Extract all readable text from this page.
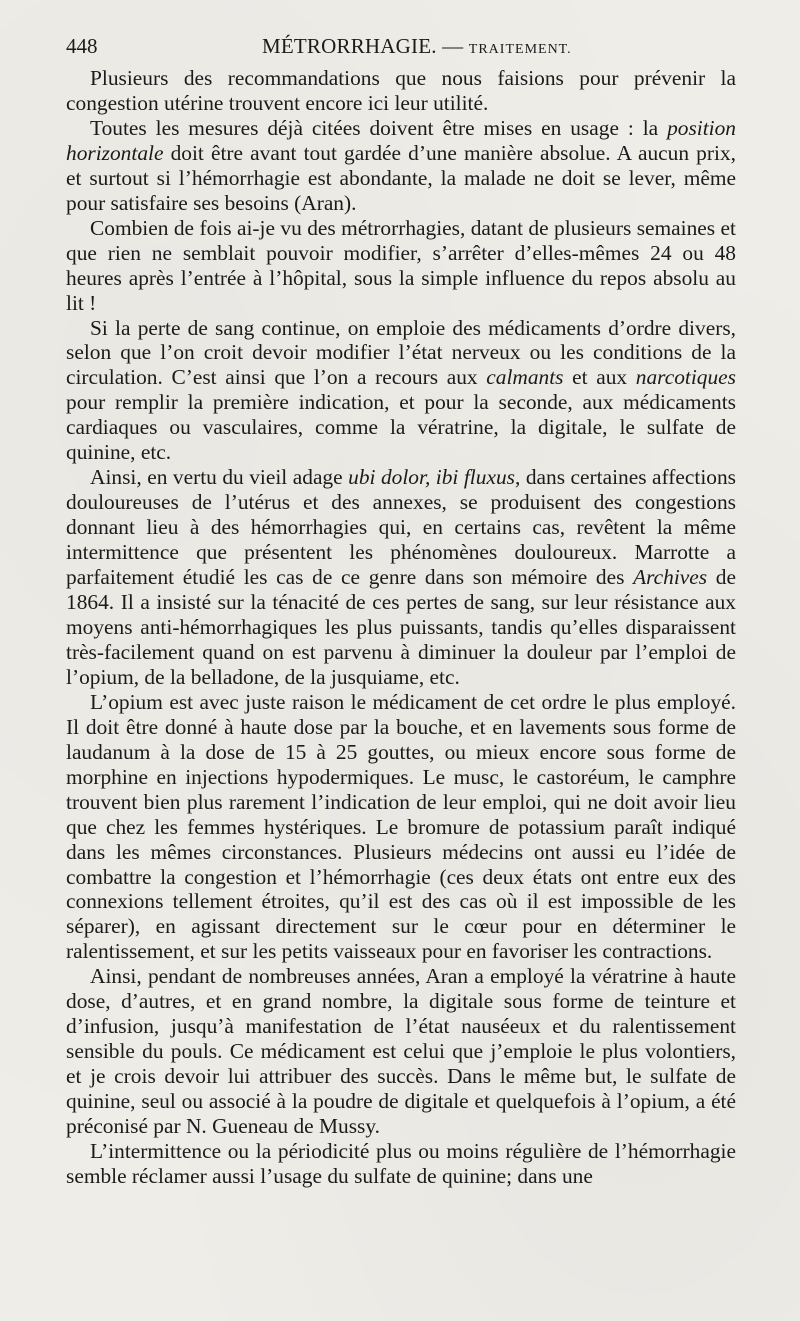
448	MÉTRORRHAGIE. — TRAITEMENT.

Plusieurs des recommandations que nous faisions pour prévenir la congestion utérine trouvent encore ici leur utilité.

Toutes les mesures déjà citées doivent être mises en usage : la position horizontale doit être avant tout gardée d’une manière absolue. A aucun prix, et surtout si l’hémorrhagie est abondante, la malade ne doit se lever, même pour satisfaire ses besoins (Aran).

Combien de fois ai-je vu des métrorrhagies, datant de plusieurs semaines et que rien ne semblait pouvoir modifier, s’arrêter d’elles-mêmes 24 ou 48 heures après l’entrée à l’hôpital, sous la simple influence du repos absolu au lit !

Si la perte de sang continue, on emploie des médicaments d’ordre divers, selon que l’on croit devoir modifier l’état nerveux ou les conditions de la circulation. C’est ainsi que l’on a recours aux calmants et aux narcotiques pour remplir la première indication, et pour la seconde, aux médicaments cardiaques ou vasculaires, comme la vératrine, la digitale, le sulfate de quinine, etc.

Ainsi, en vertu du vieil adage ubi dolor, ibi fluxus, dans certaines affections douloureuses de l’utérus et des annexes, se produisent des congestions donnant lieu à des hémorrhagies qui, en certains cas, revêtent la même intermittence que présentent les phénomènes douloureux. Marrotte a parfaitement étudié les cas de ce genre dans son mémoire des Archives de 1864. Il a insisté sur la ténacité de ces pertes de sang, sur leur résistance aux moyens anti-hémorrhagiques les plus puissants, tandis qu’elles disparaissent très-facilement quand on est parvenu à diminuer la douleur par l’emploi de l’opium, de la belladone, de la jusquiame, etc.

L’opium est avec juste raison le médicament de cet ordre le plus employé. Il doit être donné à haute dose par la bouche, et en lavements sous forme de laudanum à la dose de 15 à 25 gouttes, ou mieux encore sous forme de morphine en injections hypodermiques. Le musc, le castoréum, le camphre trouvent bien plus rarement l’indication de leur emploi, qui ne doit avoir lieu que chez les femmes hystériques. Le bromure de potassium paraît indiqué dans les mêmes circonstances. Plusieurs médecins ont aussi eu l’idée de combattre la congestion et l’hémorrhagie (ces deux états ont entre eux des connexions tellement étroites, qu’il est des cas où il est impossible de les séparer), en agissant directement sur le cœur pour en déterminer le ralentissement, et sur les petits vaisseaux pour en favoriser les contractions.

Ainsi, pendant de nombreuses années, Aran a employé la vératrine à haute dose, d’autres, et en grand nombre, la digitale sous forme de teinture et d’infusion, jusqu’à manifestation de l’état nauséeux et du ralentissement sensible du pouls. Ce médicament est celui que j’emploie le plus volontiers, et je crois devoir lui attribuer des succès. Dans le même but, le sulfate de quinine, seul ou associé à la poudre de digitale et quelquefois à l’opium, a été préconisé par N. Gueneau de Mussy.

L’intermittence ou la périodicité plus ou moins régulière de l’hémorrhagie semble réclamer aussi l’usage du sulfate de quinine; dans une
